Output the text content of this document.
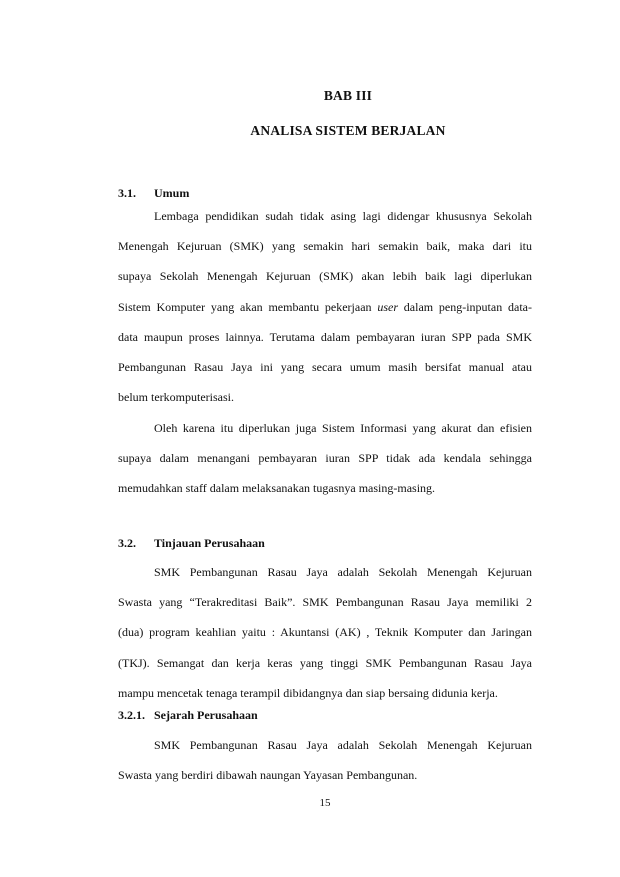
BAB III
ANALISA SISTEM BERJALAN
3.1. Umum
Lembaga pendidikan sudah tidak asing lagi didengar khususnya Sekolah
Menengah Kejuruan (SMK) yang semakin hari semakin baik, maka dari itu
supaya Sekolah Menengah Kejuruan (SMK) akan lebih baik lagi diperlukan
Sistem Komputer yang akan membantu pekerjaan user dalam peng-inputan data-
data maupun proses lainnya. Terutama dalam pembayaran iuran SPP pada SMK
Pembangunan Rasau Jaya ini yang secara umum masih bersifat manual atau
belum terkomputerisasi.
Oleh karena itu diperlukan juga Sistem Informasi yang akurat dan efisien
supaya dalam menangani pembayaran iuran SPP tidak ada kendala sehingga
memudahkan staff dalam melaksanakan tugasnya masing-masing.
3.2. Tinjauan Perusahaan
SMK Pembangunan Rasau Jaya adalah Sekolah Menengah Kejuruan
Swasta yang “Terakreditasi Baik”. SMK Pembangunan Rasau Jaya memiliki 2
(dua) program keahlian yaitu : Akuntansi (AK) , Teknik Komputer dan Jaringan
(TKJ). Semangat dan kerja keras yang tinggi SMK Pembangunan Rasau Jaya
mampu mencetak tenaga terampil dibidangnya dan siap bersaing didunia kerja.
3.2.1. Sejarah Perusahaan
SMK Pembangunan Rasau Jaya adalah Sekolah Menengah Kejuruan
Swasta yang berdiri dibawah naungan Yayasan Pembangunan.
15
